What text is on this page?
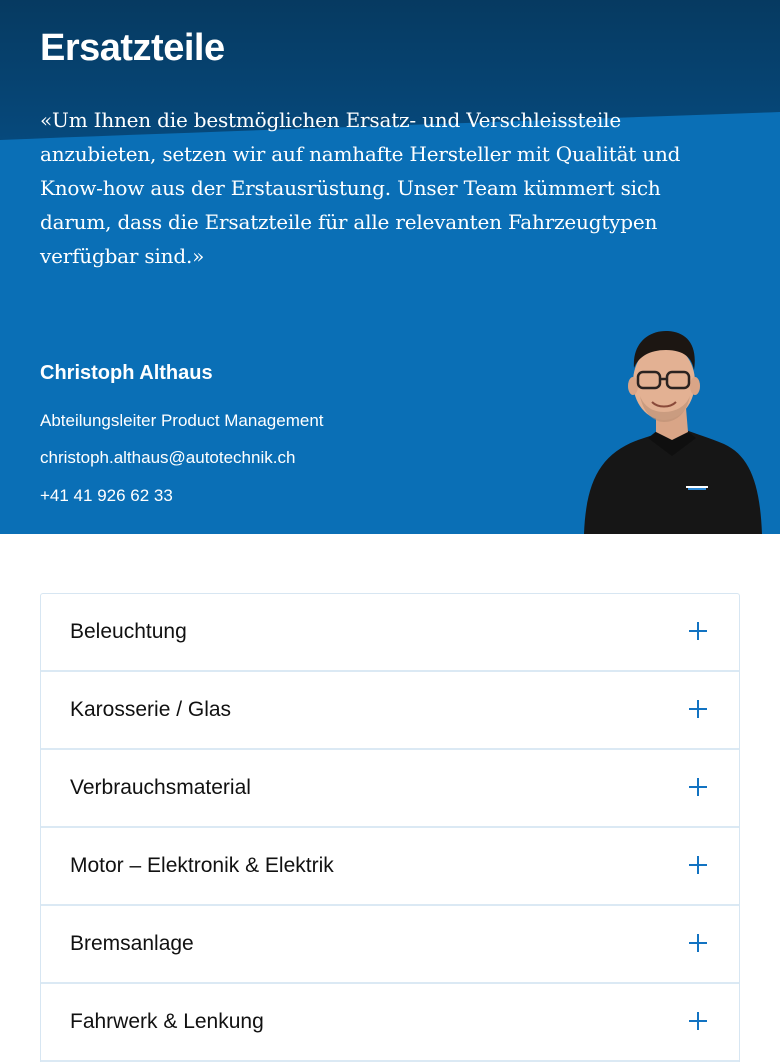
Ersatzteile

«Um Ihnen die bestmöglichen Ersatz- und Verschleissteile anzubieten, setzen wir auf namhafte Hersteller mit Qualität und Know-how aus der Erstausrüstung. Unser Team kümmert sich darum, dass die Ersatzteile für alle relevanten Fahrzeugtypen verfügbar sind.»

Christoph Althaus
Abteilungsleiter Product Management
christoph.althaus@autotechnik.ch
+41 41 926 62 33
Beleuchtung
Karosserie / Glas
Verbrauchsmaterial
Motor – Elektronik & Elektrik
Bremsanlage
Fahrwerk & Lenkung
